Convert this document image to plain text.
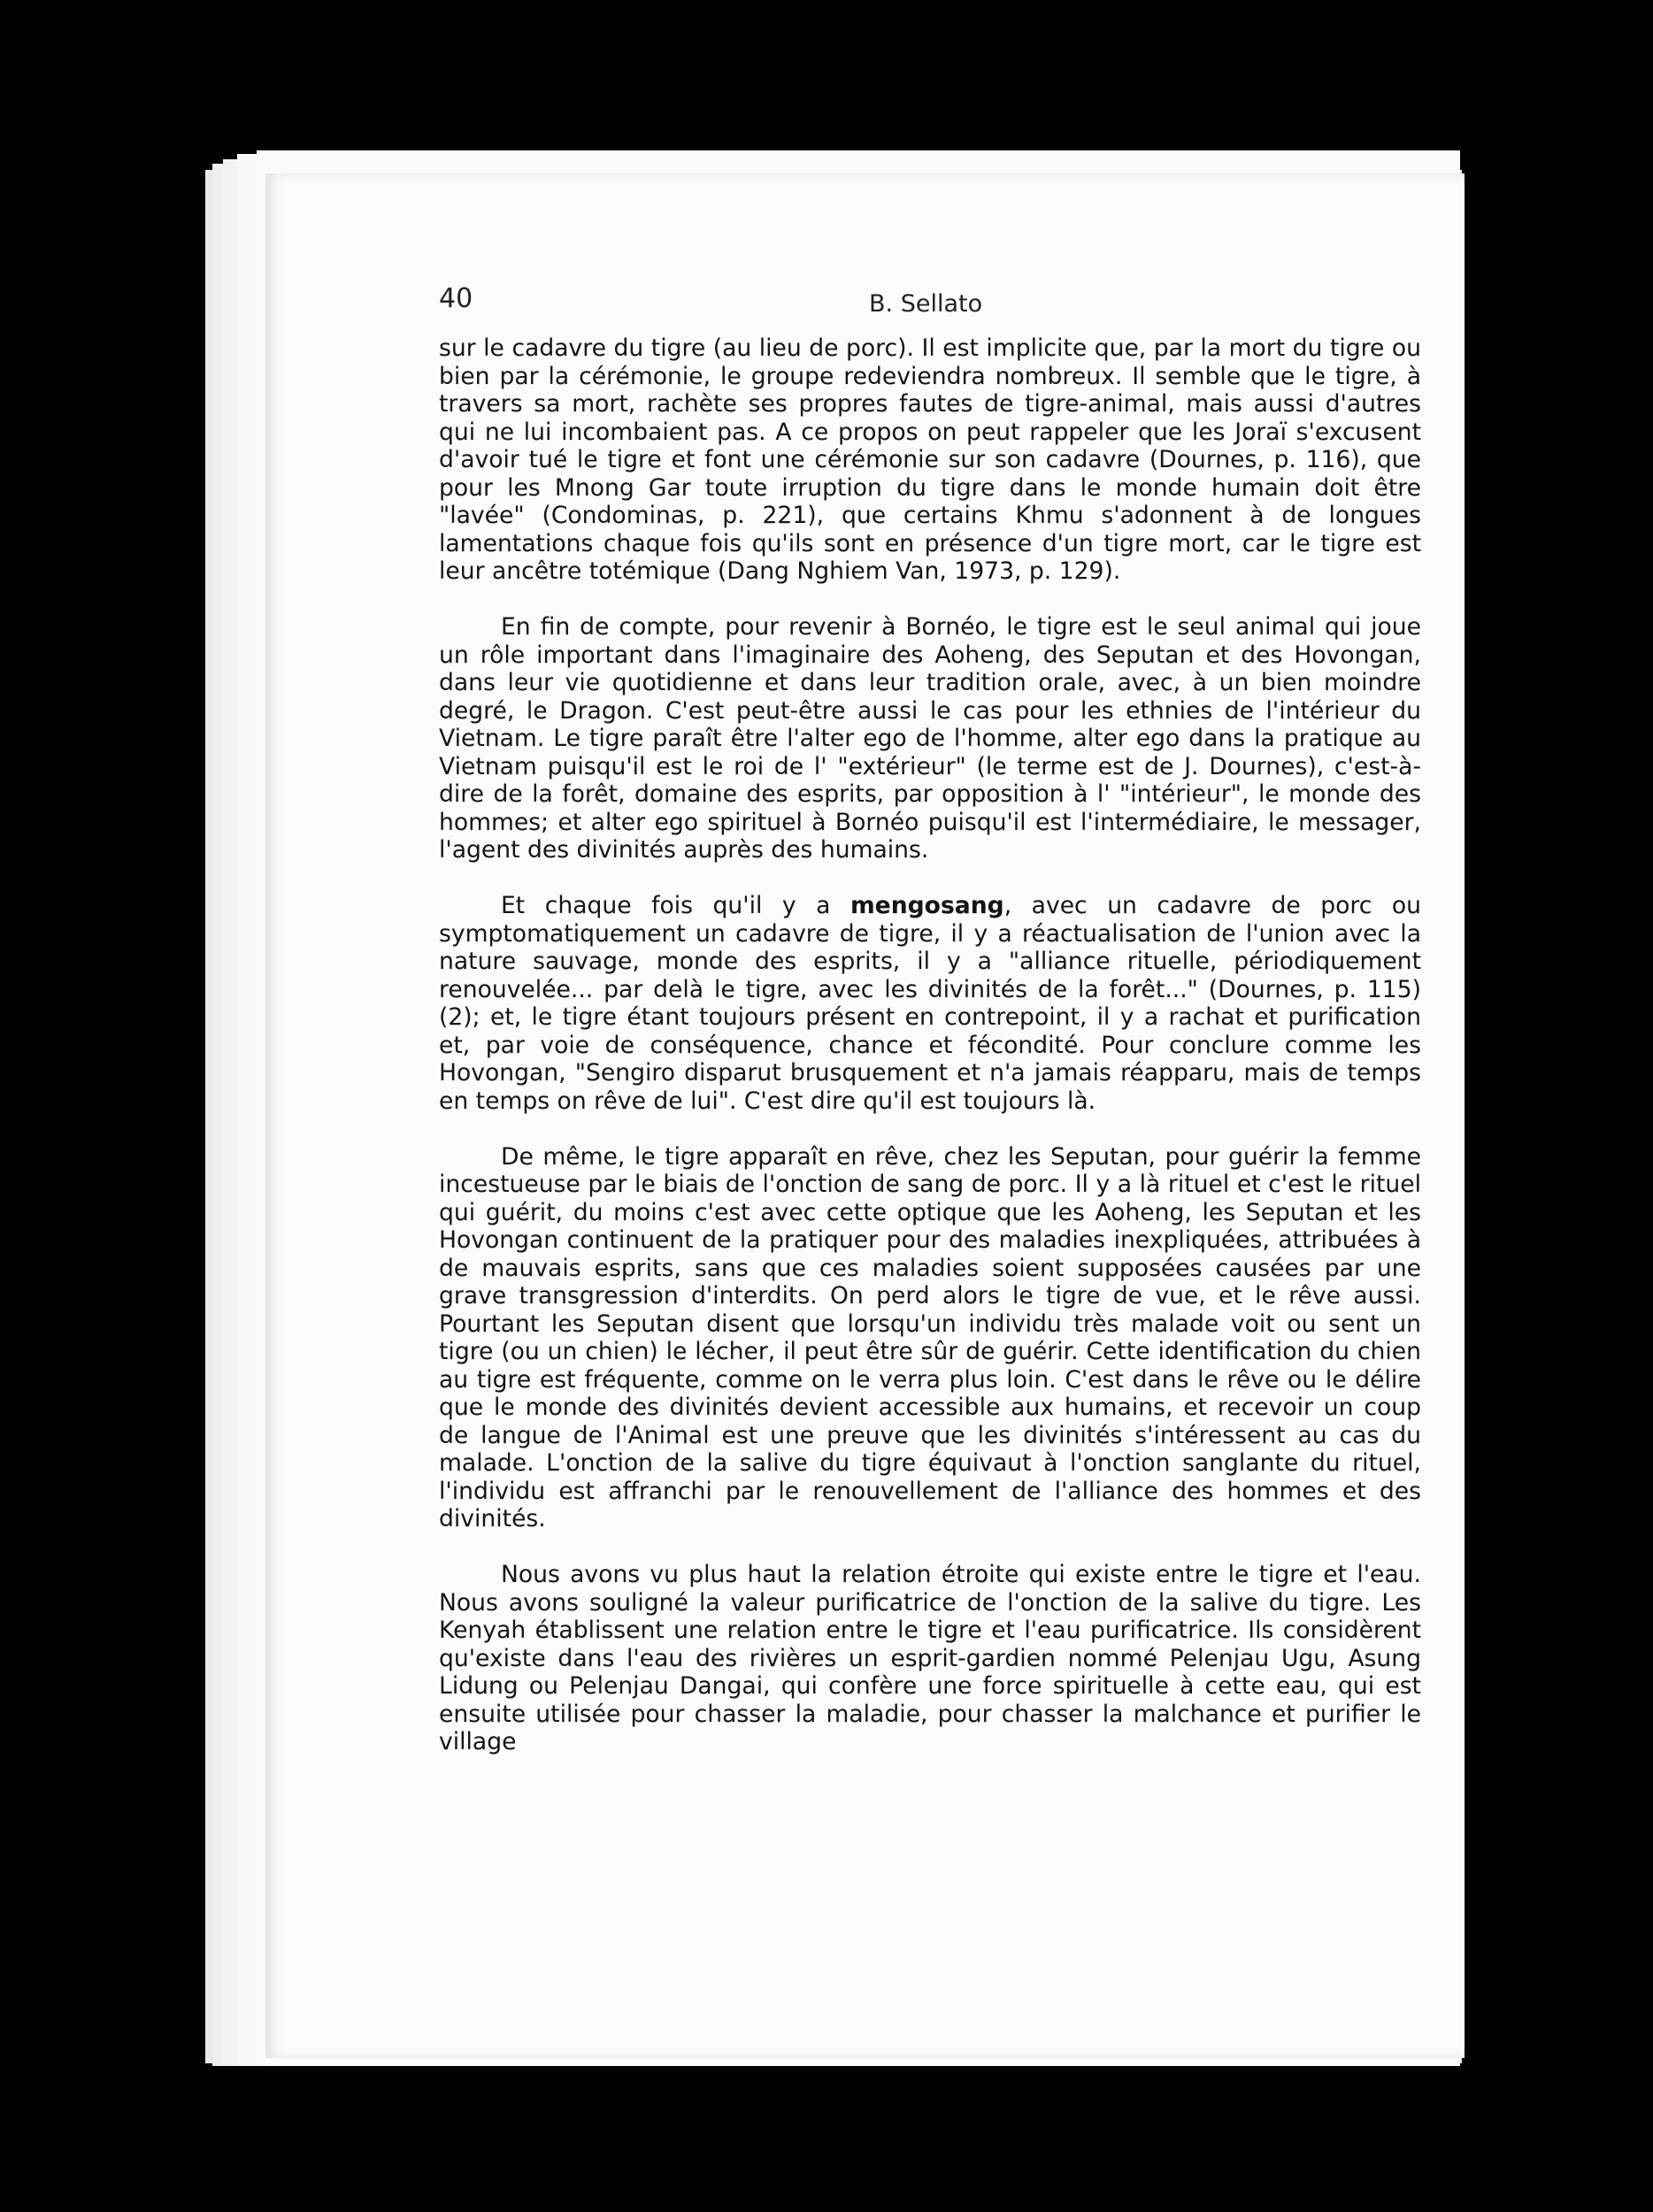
40	B. Sellato

sur le cadavre du tigre (au lieu de porc). Il est implicite que, par la mort du tigre ou bien par la cérémonie, le groupe redeviendra nombreux. Il semble que le tigre, à travers sa mort, rachète ses propres fautes de tigre-animal, mais aussi d'autres qui ne lui incombaient pas. A ce propos on peut rappeler que les Joraï s'excusent d'avoir tué le tigre et font une cérémonie sur son cadavre (Dournes, p. 116), que pour les Mnong Gar toute irruption du tigre dans le monde humain doit être "lavée" (Condominas, p. 221), que certains Khmu s'adonnent à de longues lamentations chaque fois qu'ils sont en présence d'un tigre mort, car le tigre est leur ancêtre totémique (Dang Nghiem Van, 1973, p. 129).

En fin de compte, pour revenir à Bornéo, le tigre est le seul animal qui joue un rôle important dans l'imaginaire des Aoheng, des Seputan et des Hovongan, dans leur vie quotidienne et dans leur tradition orale, avec, à un bien moindre degré, le Dragon. C'est peut-être aussi le cas pour les ethnies de l'intérieur du Vietnam. Le tigre paraît être l'alter ego de l'homme, alter ego dans la pratique au Vietnam puisqu'il est le roi de l' "extérieur" (le terme est de J. Dournes), c'est-à-dire de la forêt, domaine des esprits, par opposition à l' "intérieur", le monde des hommes; et alter ego spirituel à Bornéo puisqu'il est l'intermédiaire, le messager, l'agent des divinités auprès des humains.

Et chaque fois qu'il y a mengosang, avec un cadavre de porc ou symptomatiquement un cadavre de tigre, il y a réactualisation de l'union avec la nature sauvage, monde des esprits, il y a "alliance rituelle, périodiquement renouvelée... par delà le tigre, avec les divinités de la forêt..." (Dournes, p. 115) (2); et, le tigre étant toujours présent en contrepoint, il y a rachat et purification et, par voie de conséquence, chance et fécondité. Pour conclure comme les Hovongan, "Sengiro disparut brusquement et n'a jamais réapparu, mais de temps en temps on rêve de lui". C'est dire qu'il est toujours là.

De même, le tigre apparaît en rêve, chez les Seputan, pour guérir la femme incestueuse par le biais de l'onction de sang de porc. Il y a là rituel et c'est le rituel qui guérit, du moins c'est avec cette optique que les Aoheng, les Seputan et les Hovongan continuent de la pratiquer pour des maladies inexpliquées, attribuées à de mauvais esprits, sans que ces maladies soient supposées causées par une grave transgression d'interdits. On perd alors le tigre de vue, et le rêve aussi. Pourtant les Seputan disent que lorsqu'un individu très malade voit ou sent un tigre (ou un chien) le lécher, il peut être sûr de guérir. Cette identification du chien au tigre est fréquente, comme on le verra plus loin. C'est dans le rêve ou le délire que le monde des divinités devient accessible aux humains, et recevoir un coup de langue de l'Animal est une preuve que les divinités s'intéressent au cas du malade. L'onction de la salive du tigre équivaut à l'onction sanglante du rituel, l'individu est affranchi par le renouvellement de l'alliance des hommes et des divinités.

Nous avons vu plus haut la relation étroite qui existe entre le tigre et l'eau. Nous avons souligné la valeur purificatrice de l'onction de la salive du tigre. Les Kenyah établissent une relation entre le tigre et l'eau purificatrice. Ils considèrent qu'existe dans l'eau des rivières un esprit-gardien nommé Pelenjau Ugu, Asung Lidung ou Pelenjau Dangai, qui confère une force spirituelle à cette eau, qui est ensuite utilisée pour chasser la maladie, pour chasser la malchance et purifier le village
